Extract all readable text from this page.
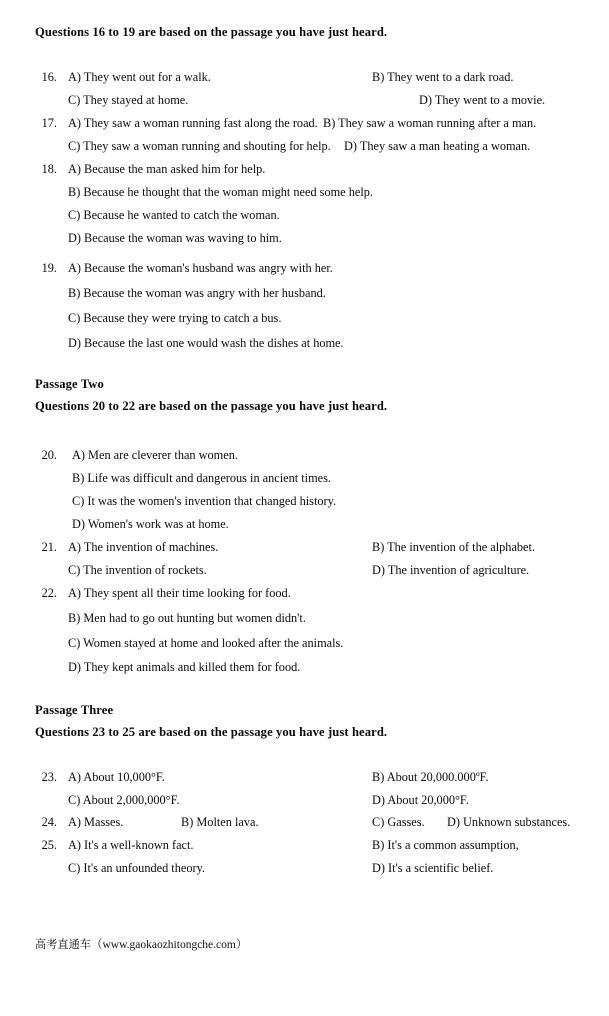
Questions 16 to 19 are based on the passage you have just heard.
16. A) They went out for a walk.	B) They went to a dark road.
C) They stayed at home.	D) They went to a movie.
17. A) They saw a woman running fast along the road. B) They saw a woman running after a man.
C) They saw a woman running and shouting for help. D) They saw a man heating a woman.
18. A) Because the man asked him for help.
B) Because he thought that the woman might need some help.
C) Because he wanted to catch the woman.
D) Because the woman was waving to him.
19. A) Because the woman's husband was angry with her.
B) Because the woman was angry with her husband.
C) Because they were trying to catch a bus.
D) Because the last one would wash the dishes at home.
Passage Two
Questions 20 to 22 are based on the passage you have just heard.
20. A) Men are cleverer than women.
B) Life was difficult and dangerous in ancient times.
C) It was the women's invention that changed history.
D) Women's work was at home.
21. A) The invention of machines.	B) The invention of the alphabet.
C) The invention of rockets.	D) The invention of agriculture.
22. A) They spent all their time looking for food.
B) Men had to go out hunting but women didn't.
C) Women stayed at home and looked after the animals.
D) They kept animals and killed them for food.
Passage Three
Questions 23 to 25 are based on the passage you have just heard.
23. A) About 10,000°F.	B) About 20,000.000ºF.
C) About 2,000,000°F.	D) About 20,000°F.
24. A) Masses.	B) Molten lava.	C) Gasses. D) Unknown substances.
25. A) It's a well-known fact.	B) It's a common assumption,
C) It's an unfounded theory.	D) It's a scientific belief.
高考直通车（www.gaokaozhitongche.com）
